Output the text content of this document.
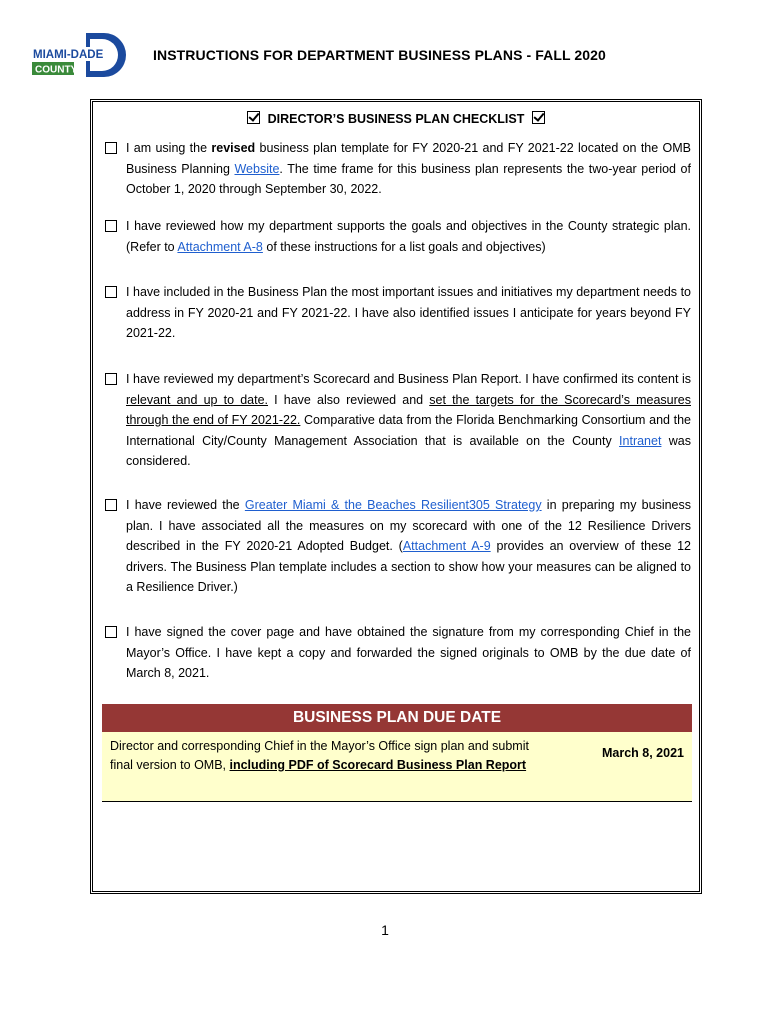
MIAMI-DADE
COUNTY
INSTRUCTIONS FOR DEPARTMENT BUSINESS PLANS - FALL 2020
DIRECTOR’S BUSINESS PLAN CHECKLIST
I am using the revised business plan template for FY 2020-21 and FY 2021-22 located on the OMB Business Planning Website. The time frame for this business plan represents the two-year period of October 1, 2020 through September 30, 2022.
I have reviewed how my department supports the goals and objectives in the County strategic plan. (Refer to Attachment A-8 of these instructions for a list goals and objectives)
I have included in the Business Plan the most important issues and initiatives my department needs to address in FY 2020-21 and FY 2021-22. I have also identified issues I anticipate for years beyond FY 2021-22.
I have reviewed my department’s Scorecard and Business Plan Report. I have confirmed its content is relevant and up to date. I have also reviewed and set the targets for the Scorecard’s measures through the end of FY 2021-22. Comparative data from the Florida Benchmarking Consortium and the International City/County Management Association that is available on the County Intranet was considered.
I have reviewed the Greater Miami & the Beaches Resilient305 Strategy in preparing my business plan. I have associated all the measures on my scorecard with one of the 12 Resilience Drivers described in the FY 2020-21 Adopted Budget. (Attachment A-9 provides an overview of these 12 drivers. The Business Plan template includes a section to show how your measures can be aligned to a Resilience Driver.)
I have signed the cover page and have obtained the signature from my corresponding Chief in the Mayor’s Office. I have kept a copy and forwarded the signed originals to OMB by the due date of March 8, 2021.
BUSINESS PLAN DUE DATE
Director and corresponding Chief in the Mayor’s Office sign plan and submit final version to OMB, including PDF of Scorecard Business Plan Report
March 8, 2021
1
